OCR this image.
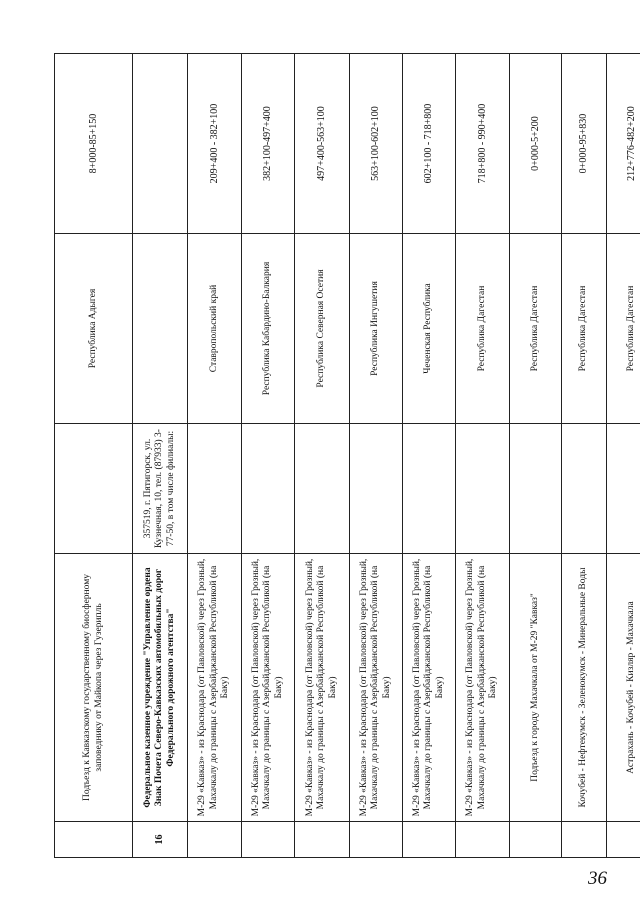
	Подъезд к Кавказскому государственному биосферному заповеднику от Майкопа через Гузерипль		Республика Адыгея	8+000-85+150
16	Федеральное казенное учреждение "Управление ордена Знак Почета Северо-Кавказских автомобильных дорог Федерального дорожного агентства"	357519, г. Пятигорск, ул. Кузнечная, 10, тел. (87933) 3-77-50, в том числе филиалы:		
	М-29 «Кавказ» - из Краснодара (от Павловской) через Грозный, Махачкалу до границы с Азербайджанской Республикой (на Баку)		Ставропольский край	209+400 - 382+100
	М-29 «Кавказ» - из Краснодара (от Павловской) через Грозный, Махачкалу до границы с Азербайджанской Республикой (на Баку)		Республика Кабардино-Балкария	382+100-497+400
	М-29 «Кавказ» - из Краснодара (от Павловской) через Грозный, Махачкалу до границы с Азербайджанской Республикой (на Баку)		Республика Северная Осетия	497+400-563+100
	М-29 «Кавказ» - из Краснодара (от Павловской) через Грозный, Махачкалу до границы с Азербайджанской Республикой (на Баку)		Республика Ингушетия	563+100-602+100
	М-29 «Кавказ» - из Краснодара (от Павловской) через Грозный, Махачкалу до границы с Азербайджанской Республикой (на Баку)		Чеченская Республика	602+100 - 718+800
	М-29 «Кавказ» - из Краснодара (от Павловской) через Грозный, Махачкалу до границы с Азербайджанской Республикой (на Баку)		Республика Дагестан	718+800 - 990+400
	Подъезд к городу Махачкала от М-29 "Кавказ"		Республика Дагестан	0+000-5+200
	Кочубей - Нефтекумск - Зеленокумск - Минеральные Воды		Республика Дагестан	0+000-95+830
	Астрахань - Кочубей - Кизляр - Махачкала		Республика Дагестан	212+776-482+200
36
